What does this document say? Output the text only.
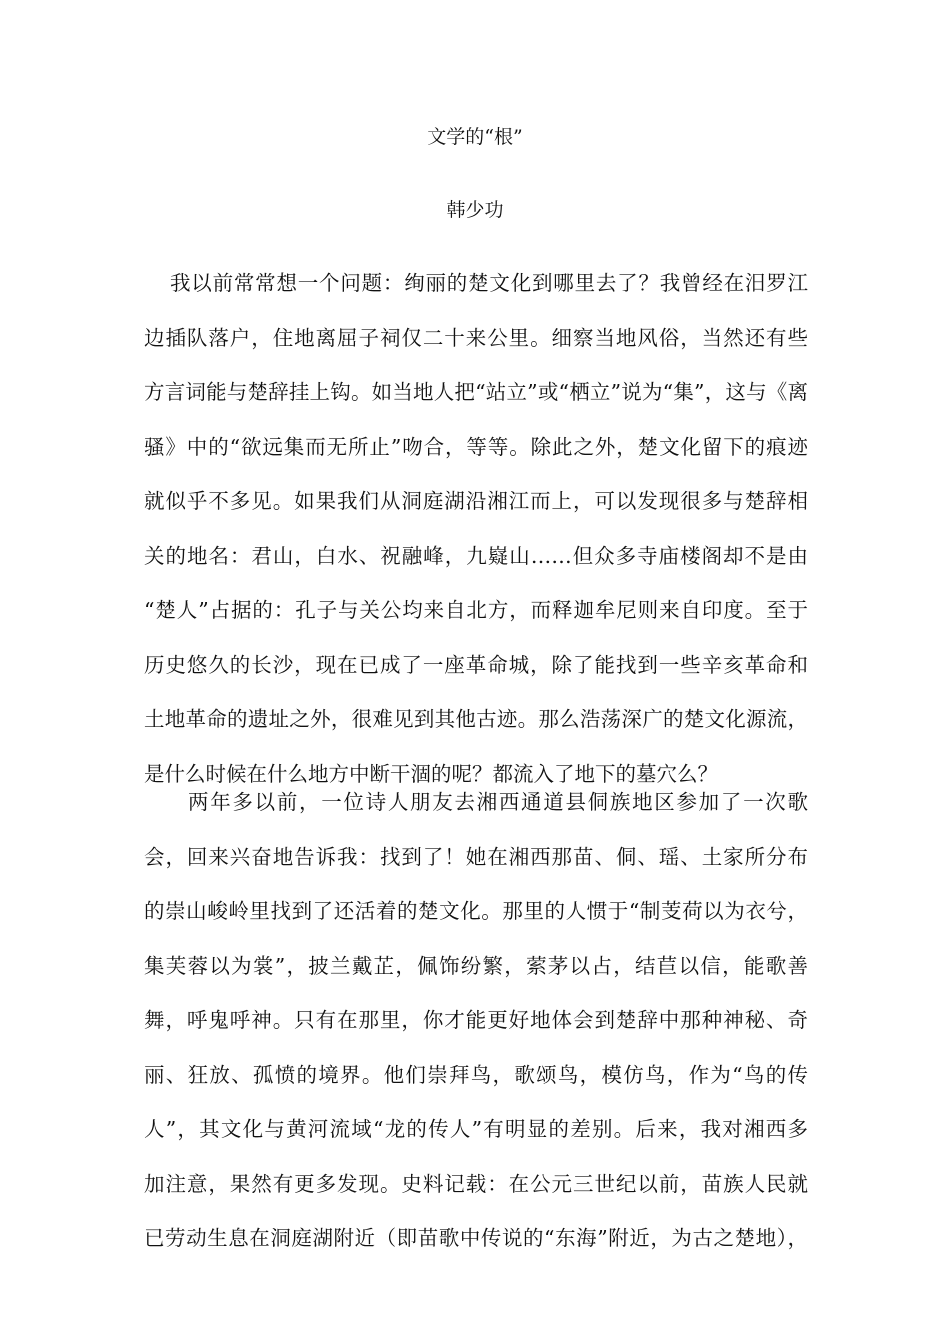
文学的“根”
韩少功
我以前常常想一个问题：绚丽的楚文化到哪里去了？我曾经在汨罗江
边插队落户，住地离屈子祠仅二十来公里。细察当地风俗，当然还有些
方言词能与楚辞挂上钩。如当地人把“站立”或“栖立”说为“集”，这与《离
骚》中的“欲远集而无所止”吻合，等等。除此之外，楚文化留下的痕迹
就似乎不多见。如果我们从洞庭湖沿湘江而上，可以发现很多与楚辞相
关的地名：君山，白水、祝融峰，九嶷山……但众多寺庙楼阁却不是由
“楚人”占据的：孔子与关公均来自北方，而释迦牟尼则来自印度。至于
历史悠久的长沙，现在已成了一座革命城，除了能找到一些辛亥革命和
土地革命的遗址之外，很难见到其他古迹。那么浩荡深广的楚文化源流，
是什么时候在什么地方中断干涸的呢？都流入了地下的墓穴么？
两年多以前，一位诗人朋友去湘西通道县侗族地区参加了一次歌
会，回来兴奋地告诉我：找到了！她在湘西那苗、侗、瑶、土家所分布
的崇山峻岭里找到了还活着的楚文化。那里的人惯于“制芰荷以为衣兮，
集芙蓉以为裳”，披兰戴芷，佩饰纷繁，萦茅以占，结苣以信，能歌善
舞，呼鬼呼神。只有在那里，你才能更好地体会到楚辞中那种神秘、奇
丽、狂放、孤愤的境界。他们崇拜鸟，歌颂鸟，模仿鸟，作为“鸟的传
人”，其文化与黄河流域“龙的传人”有明显的差别。后来，我对湘西多
加注意，果然有更多发现。史料记载：在公元三世纪以前，苗族人民就
已劳动生息在洞庭湖附近（即苗歌中传说的“东海”附近，为古之楚地），
